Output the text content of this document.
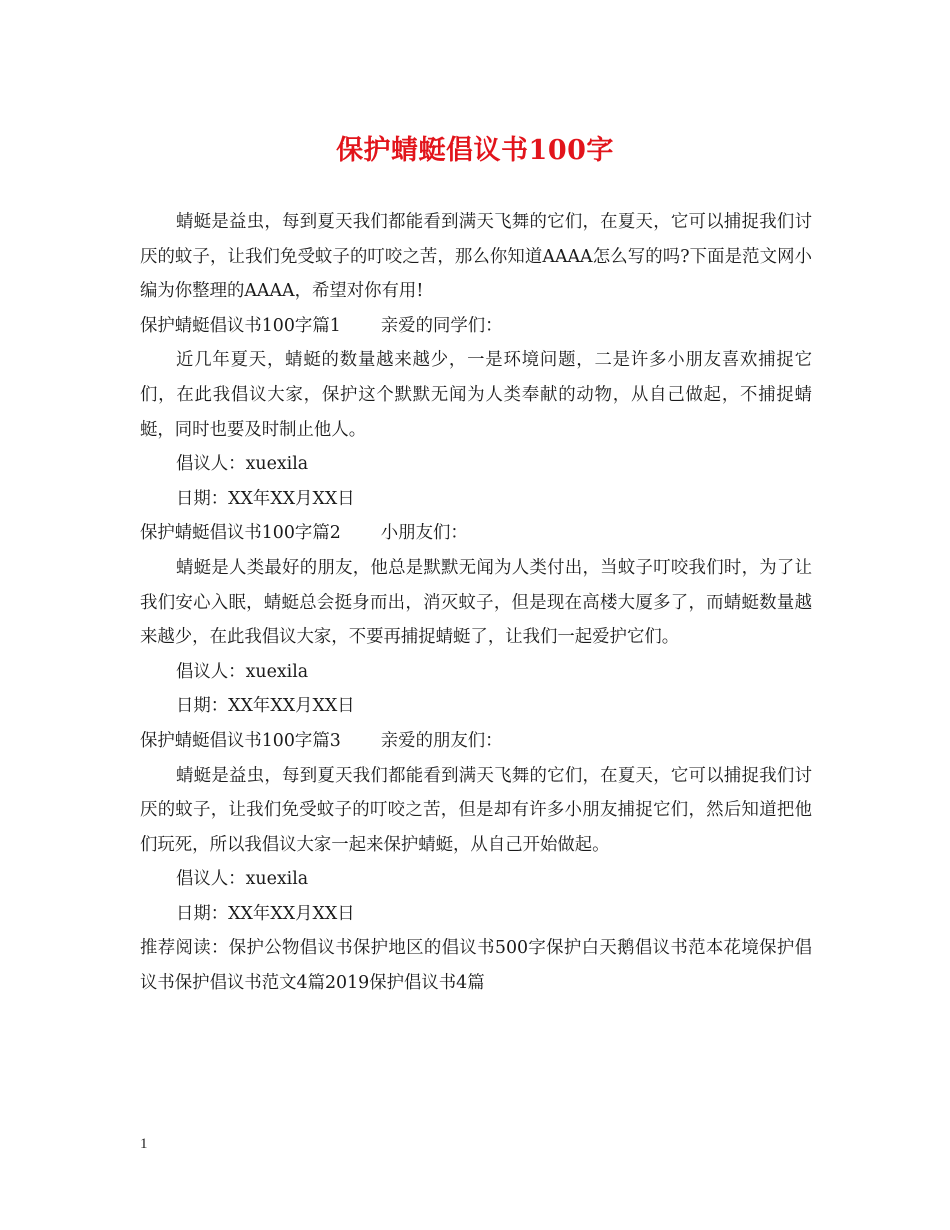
保护蜻蜓倡议书100字

蜻蜓是益虫，每到夏天我们都能看到满天飞舞的它们，在夏天，它可以捕捉我们讨厌的蚊子，让我们免受蚊子的叮咬之苦，那么你知道AAAA怎么写的吗?下面是范文网小编为你整理的AAAA，希望对你有用!

保护蜻蜓倡议书100字篇1 亲爱的同学们：

近几年夏天，蜻蜓的数量越来越少，一是环境问题，二是许多小朋友喜欢捕捉它们，在此我倡议大家，保护这个默默无闻为人类奉献的动物，从自己做起，不捕捉蜻蜓，同时也要及时制止他人。

倡议人：xuexila

日期：XX年XX月XX日

保护蜻蜓倡议书100字篇2 小朋友们：

蜻蜓是人类最好的朋友，他总是默默无闻为人类付出，当蚊子叮咬我们时，为了让我们安心入眠，蜻蜓总会挺身而出，消灭蚊子，但是现在高楼大厦多了，而蜻蜓数量越来越少，在此我倡议大家，不要再捕捉蜻蜓了，让我们一起爱护它们。

倡议人：xuexila

日期：XX年XX月XX日

保护蜻蜓倡议书100字篇3 亲爱的朋友们：

蜻蜓是益虫，每到夏天我们都能看到满天飞舞的它们，在夏天，它可以捕捉我们讨厌的蚊子，让我们免受蚊子的叮咬之苦，但是却有许多小朋友捕捉它们，然后知道把他们玩死，所以我倡议大家一起来保护蜻蜓，从自己开始做起。

倡议人：xuexila

日期：XX年XX月XX日

推荐阅读：保护公物倡议书保护地区的倡议书500字保护白天鹅倡议书范本花境保护倡议书保护倡议书范文4篇2019保护倡议书4篇

1
